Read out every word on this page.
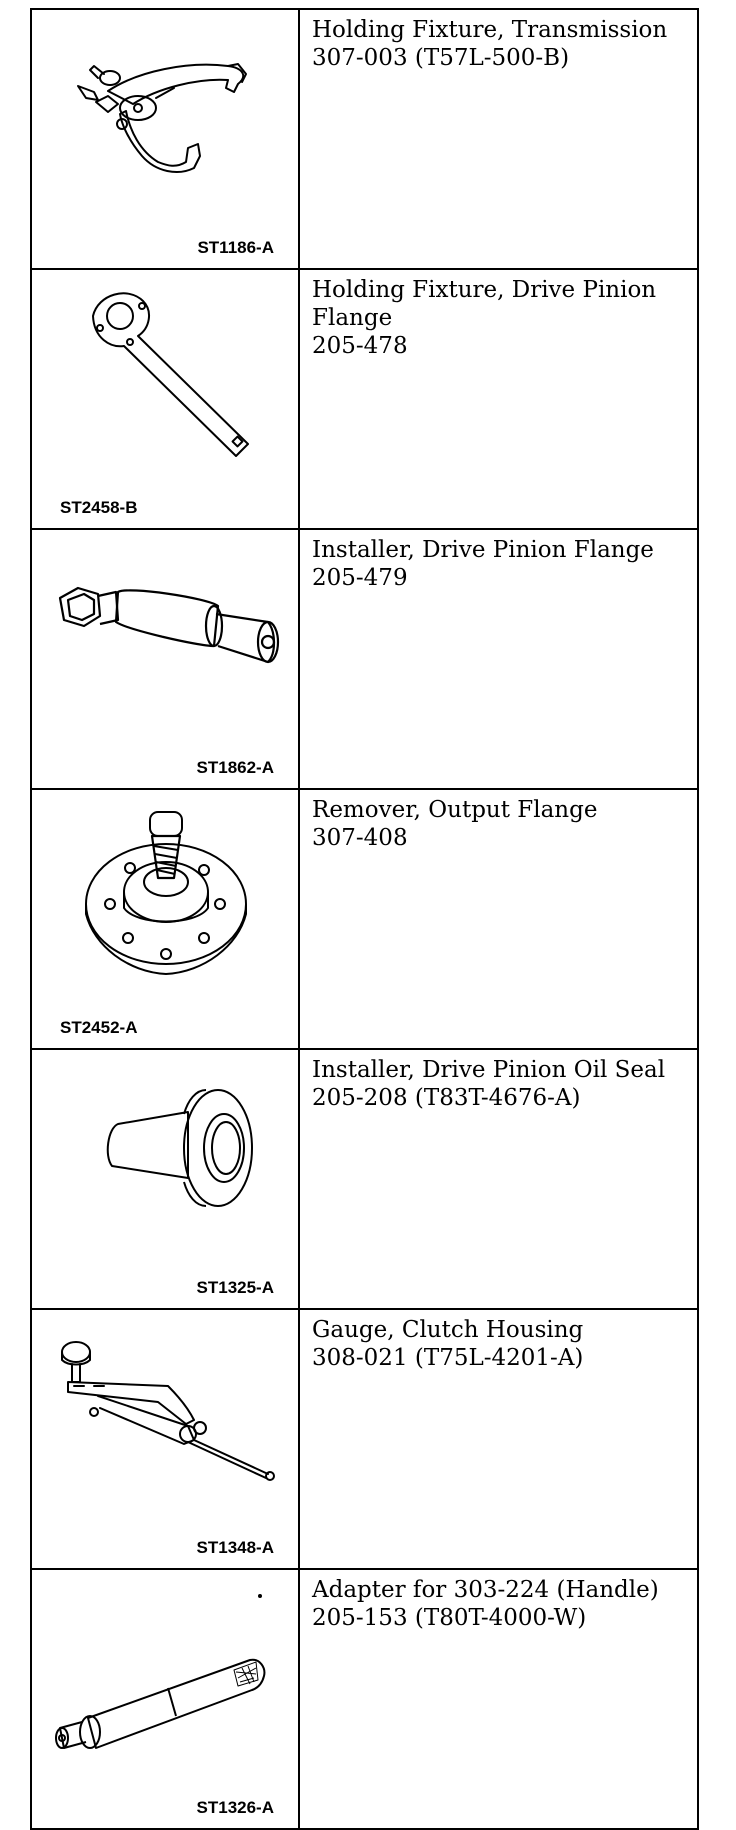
ST1186-A	Holding Fixture, Transmission
307-003 (T57L-500-B)

ST2458-B	Holding Fixture, Drive Pinion
Flange
205-478

ST1862-A	Installer, Drive Pinion Flange
205-479

ST2452-A	Remover, Output Flange
307-408

ST1325-A	Installer, Drive Pinion Oil Seal
205-208 (T83T-4676-A)

ST1348-A	Gauge, Clutch Housing
308-021 (T75L-4201-A)

ST1326-A	Adapter for 303-224 (Handle)
205-153 (T80T-4000-W)
